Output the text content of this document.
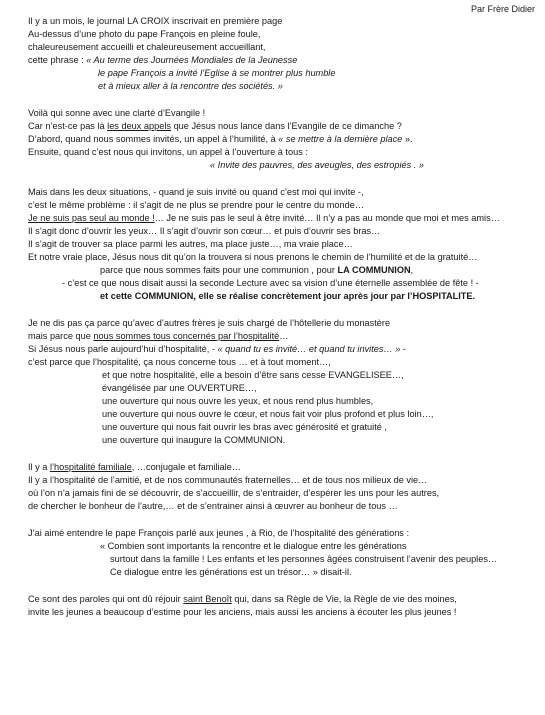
Par Frère Didier
Il y a un mois, le journal LA CROIX inscrivait en première page
Au-dessus d’une photo du pape François en pleine foule,
chaleureusement accueilli et chaleureusement accueillant,
cette phrase : « Au terme des Journées Mondiales de la Jeunesse
le pape François a invité l’Eglise à se montrer plus humble
et à mieux aller à la rencontre des sociétés. »
Voilà qui sonne avec une clarté d’Evangile !
Car n’est-ce pas là les deux appels que Jésus nous lance dans l’Evangile de ce dimanche ?
D’abord, quand nous sommes invités, un appel à l’humilité, à « se mettre à la dernière place ».
Ensuite, quand c’est nous qui invitons, un appel à l’ouverture à tous :
« Invite des pauvres, des aveugles, des estropiés . »
Mais dans les deux situations, - quand je suis invité ou quand c’est moi qui invite -,
c’est le même problème : il s’agit de ne plus se prendre pour le centre du monde…
Je ne suis pas seul au monde !… Je ne suis pas le seul à être invité… Il n’y a pas au monde que moi et mes amis…
Il s’agit donc d’ouvrir les yeux… Il s’agit d’ouvrir son cœur… et puis d’ouvrir ses bras…
Il s’agit de trouver sa place parmi les autres, ma place juste…, ma vraie place…
Et notre vraie place, Jésus nous dit qu’on la trouvera si nous prenons le chemin de l’humilité et de la gratuité…
parce que nous sommes faits pour une communion , pour LA COMMUNION,
- c’est ce que nous disait aussi la seconde Lecture avec sa vision d’une éternelle assemblée de fête ! -
et cette COMMUNION, elle se réalise concrètement jour après jour par l’HOSPITALITE.
Je ne dis pas ça parce qu’avec d’autres frères je suis chargé de l’hôtellerie du monastère
mais parce que nous sommes tous concernés par l’hospitalité…
Si Jésus nous parle aujourd’hui d’hospitalité, - « quand tu es invité… et quand tu invites… » -
c’est parce que l’hospitalité, ça nous concerne tous … et à tout moment…,
et que notre hospitalité, elle a besoin d’être sans cesse EVANGELISEE…,
évangélisée par une OUVERTURE…,
une ouverture qui nous ouvre les yeux, et nous rend plus humbles,
une ouverture qui nous ouvre le cœur, et nous fait voir plus profond et plus loin…,
une ouverture qui nous fait ouvrir les bras avec générosité et gratuité ,
une ouverture qui inaugure la COMMUNION.
Il y a l’hospitalité familiale, …conjugale et familiale…
Il y a l’hospitalité de l’amitié, et de nos communautés fraternelles… et de tous nos milieux de vie…
où l’on n’a jamais fini de se découvrir, de s’accueillir, de s’entraider, d’espérer les uns pour les autres,
de chercher le bonheur de l’autre,… et de s’entrainer ainsi à œuvrer au bonheur de tous …
J’ai aimé entendre le pape François parlé aux jeunes , à Rio, de l’hospitalité des générations :
« Combien sont importants la rencontre et le dialogue entre les générations
surtout dans la famille ! Les enfants et les personnes âgées construisent l’avenir des peuples…
Ce dialogue entre les générations est un trésor… » disait-il.
Ce sont des paroles qui ont dû réjouir saint Benoît qui, dans sa Règle de Vie, la Règle de vie des moines,
invite les jeunes a beaucoup d’estime pour les anciens, mais aussi les anciens à écouter les plus jeunes !
